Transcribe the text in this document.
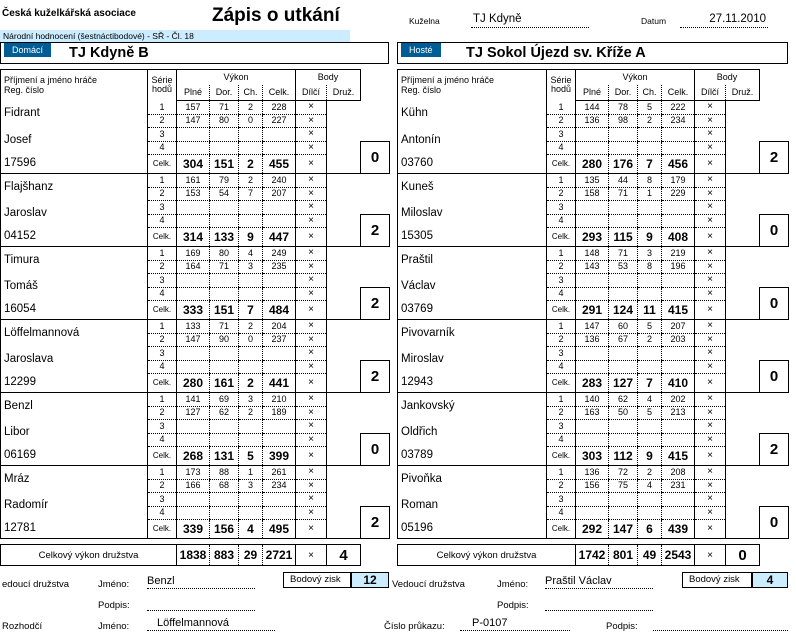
Česká kuželkářská asociace	Zápis o utkání
Národní hodnocení (šestnáctibodové) - SŘ - Čl. 18
Kuželna	TJ Kdyně	Datum	27.11.2010
Domácí	TJ Kdyně B	Hosté	TJ Sokol Újezd sv. Kříže A
Příjmení a jméno hráče
Reg. číslo	Série
hodů	Výkon				Body		
		Plné	Dor.	Ch.	Celk.	Dílčí	Druž.	
Fidrant	1	157	71	2	228	×		
	2	147	80	0	227	×		
Josef	3					×		
	4					×		0
17596	Celk.	304	151	2	455	×		
Flajšhanz	1	161	79	2	240	×		
	2	153	54	7	207	×		
Jaroslav	3					×		
	4					×		2
04152	Celk.	314	133	9	447	×		
Timura	1	169	80	4	249	×		
	2	164	71	3	235	×		
Tomáš	3					×		
	4					×		2
16054	Celk.	333	151	7	484	×		
Löffelmannová	1	133	71	2	204	×		
	2	147	90	0	237	×		
Jaroslava	3					×		
	4					×		2
12299	Celk.	280	161	2	441	×		
Benzl	1	141	69	3	210	×		
	2	127	62	2	189	×		
Libor	3					×		
	4					×		0
06169	Celk.	268	131	5	399	×		
Mráz	1	173	88	1	261	×		
	2	166	68	3	234	×		
Radomír	3					×		
	4					×		2
12781	Celk.	339	156	4	495	×		
Příjmení a jméno hráče
Reg. číslo	Série
hodů	Výkon				Body		
		Plné	Dor.	Ch.	Celk.	Dílčí	Druž.	
Kühn	1	144	78	5	222	×		
	2	136	98	2	234	×		
Antonín	3					×		
	4					×		2
03760	Celk.	280	176	7	456	×		
Kuneš	1	135	44	8	179	×		
	2	158	71	1	229	×		
Miloslav	3					×		
	4					×		0
15305	Celk.	293	115	9	408	×		
Praštil	1	148	71	3	219	×		
	2	143	53	8	196	×		
Václav	3					×		
	4					×		0
03769	Celk.	291	124	11	415	×		
Pivovarník	1	147	60	5	207	×		
	2	136	67	2	203	×		
Miroslav	3					×		
	4					×		0
12943	Celk.	283	127	7	410	×		
Jankovský	1	140	62	4	202	×		
	2	163	50	5	213	×		
Oldřich	3					×		
	4					×		2
03789	Celk.	303	112	9	415	×		
Pivoňka	1	136	72	2	208	×		
	2	156	75	4	231	×		
Roman	3					×		
	4					×		0
05196	Celk.	292	147	6	439	×		
Celkový výkon družstva	1838	883	29	2721	×	4		Celkový výkon družstva	1742	801	49	2543	×	0	
edoucí družstva	Jméno: Benzl	Bodový zisk	12	Vedoucí družstva	Jméno: Praštil Václav	Bodový zisk	4
Podpis:	Podpis:
Rozhodčí	Jméno:	Löffelmannová	Číslo průkazu:	P-0107	Podpis:
